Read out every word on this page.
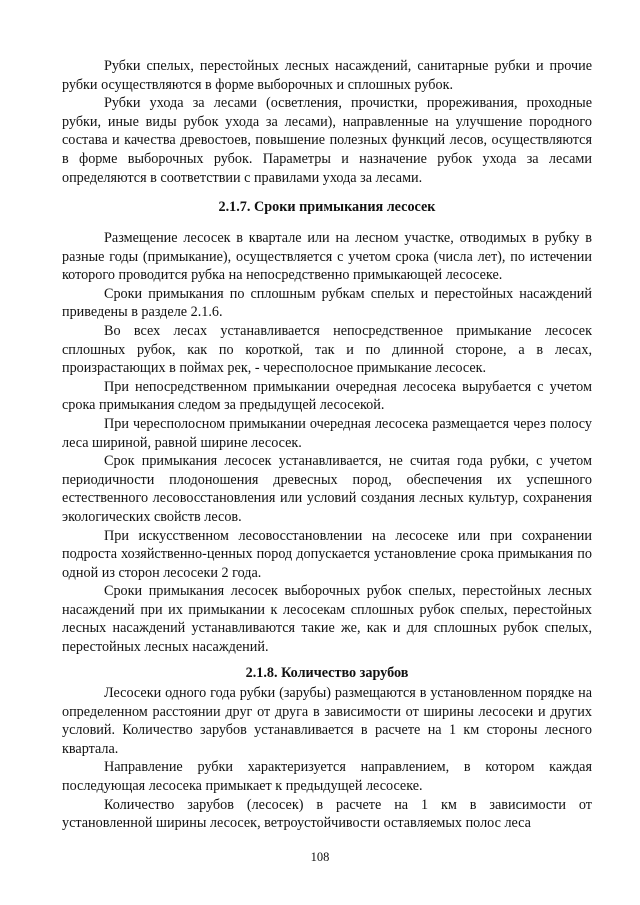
Рубки спелых, перестойных лесных насаждений, санитарные рубки и прочие рубки осуществляются в форме выборочных и сплошных рубок.

Рубки ухода за лесами (осветления, прочистки, прореживания, проходные рубки, иные виды рубок ухода за лесами), направленные на улучшение породного состава и качества древостоев, повышение полезных функций лесов, осуществляются в форме выборочных рубок. Параметры и назначение рубок ухода за лесами определяются в соответствии с правилами ухода за лесами.

2.1.7. Сроки примыкания лесосек

Размещение лесосек в квартале или на лесном участке, отводимых в рубку в разные годы (примыкание), осуществляется с учетом срока (числа лет), по истечении которого проводится рубка на непосредственно примыкающей лесосеке.

Сроки примыкания по сплошным рубкам спелых и перестойных насаждений приведены в разделе 2.1.6.

Во всех лесах устанавливается непосредственное примыкание лесосек сплошных рубок, как по короткой, так и по длинной стороне, а в лесах, произрастающих в поймах рек, - чересполосное примыкание лесосек.

При непосредственном примыкании очередная лесосека вырубается с учетом срока примыкания следом за предыдущей лесосекой.

При чересполосном примыкании очередная лесосека размещается через полосу леса шириной, равной ширине лесосек.

Срок примыкания лесосек устанавливается, не считая года рубки, с учетом периодичности плодоношения древесных пород, обеспечения их успешного естественного лесовосстановления или условий создания лесных культур, сохранения экологических свойств лесов.

При искусственном лесовосстановлении на лесосеке или при сохранении подроста хозяйственно-ценных пород допускается установление срока примыкания по одной из сторон лесосеки 2 года.

Сроки примыкания лесосек выборочных рубок спелых, перестойных лесных насаждений при их примыкании к лесосекам сплошных рубок спелых, перестойных лесных насаждений устанавливаются такие же, как и для сплошных рубок спелых, перестойных лесных насаждений.

2.1.8. Количество зарубов

Лесосеки одного года рубки (зарубы) размещаются в установленном порядке на определенном расстоянии друг от друга в зависимости от ширины лесосеки и других условий. Количество зарубов устанавливается в расчете на 1 км стороны лесного квартала.

Направление рубки характеризуется направлением, в котором каждая последующая лесосека примыкает к предыдущей лесосеке.

Количество зарубов (лесосек) в расчете на 1 км в зависимости от установленной ширины лесосек, ветроустойчивости оставляемых полос леса

108
